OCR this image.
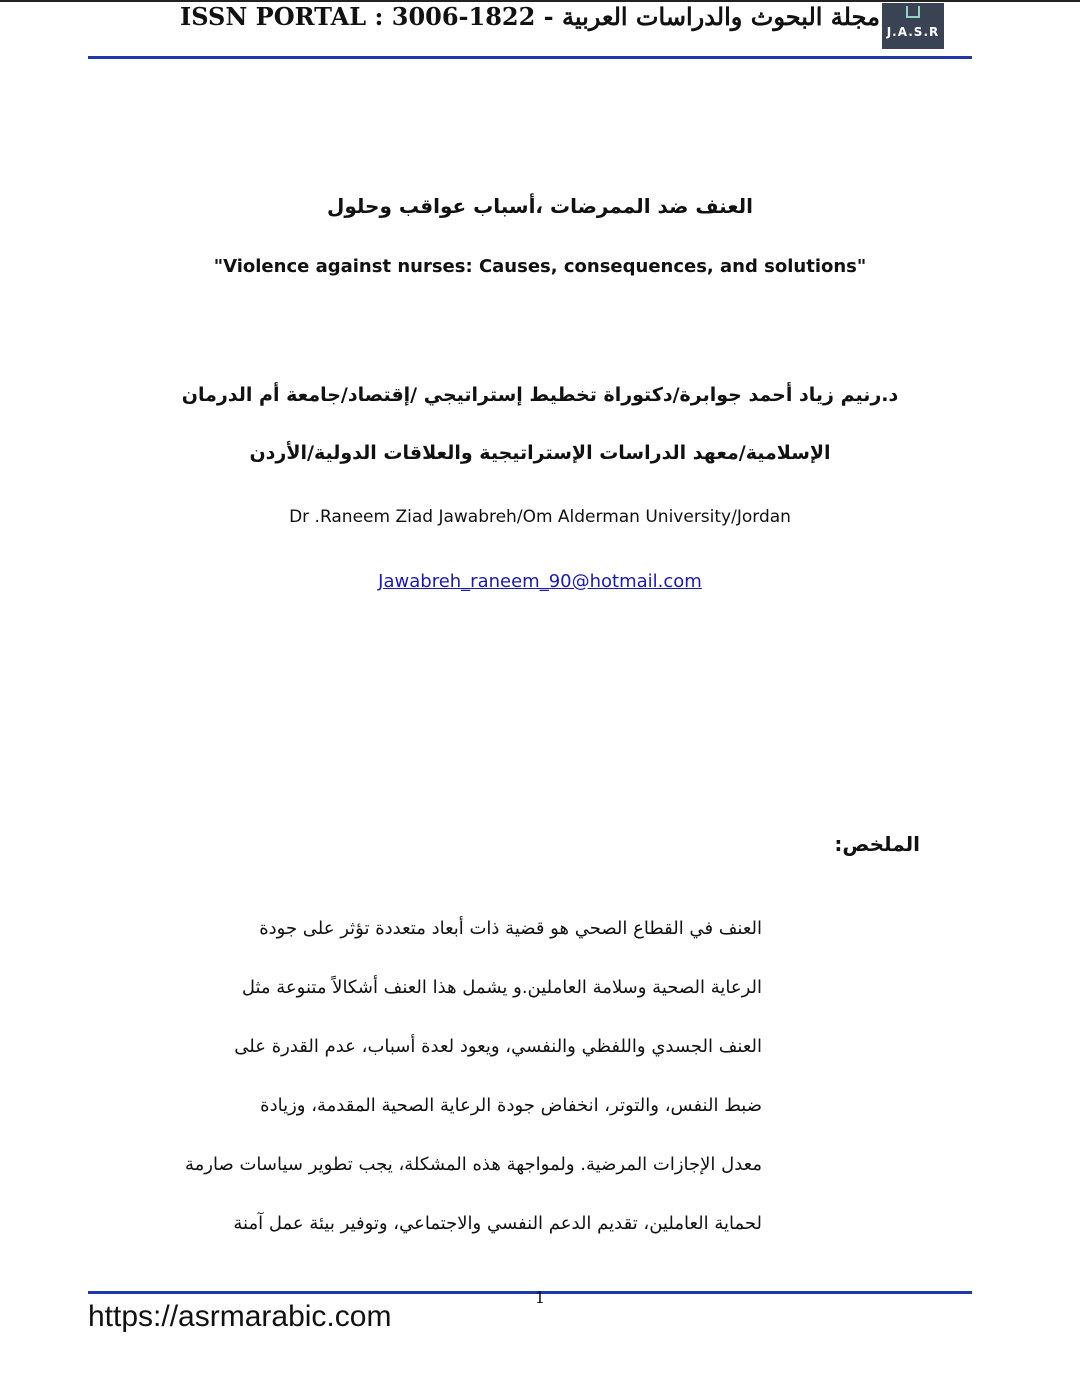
ISSN PORTAL : 3006-1822 - مجلة البحوث والدراسات العربية
J.A.S.R
العنف ضد الممرضات ،أسباب عواقب وحلول
"Violence against nurses: Causes, consequences, and solutions"
د.رنيم زياد أحمد جوابرة/دكتوراة تخطيط إستراتيجي /إقتصاد/جامعة أم الدرمان
الإسلامية/معهد الدراسات الإستراتيجية والعلاقات الدولية/الأردن
Dr .Raneem Ziad Jawabreh/Om Alderman University/Jordan
Jawabreh_raneem_90@hotmail.com
الملخص:
العنف في القطاع الصحي هو قضية ذات أبعاد متعددة تؤثر على جودة
الرعاية الصحية وسلامة العاملين.و يشمل هذا العنف أشكالاً متنوعة مثل
العنف الجسدي واللفظي والنفسي، ويعود لعدة أسباب، عدم القدرة على
ضبط النفس، والتوتر، انخفاض جودة الرعاية الصحية المقدمة، وزيادة
معدل الإجازات المرضية. ولمواجهة هذه المشكلة، يجب تطوير سياسات صارمة
لحماية العاملين، تقديم الدعم النفسي والاجتماعي، وتوفير بيئة عمل آمنة
1
https://asrmarabic.com
